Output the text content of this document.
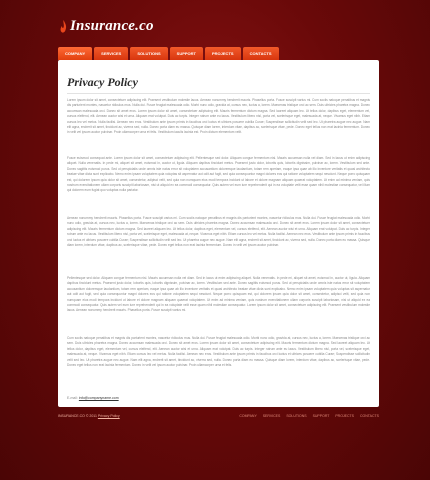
Insurance.co
COMPANY	SERVICES	SOLUTIONS	SUPPORT	PROJECTS	CONTACTS
Privacy Policy

Lorem ipsum dolor sit amet, consectetuer adipiscing elit. Praesent vestibulum molestie lacus. Aenean nonummy hendrerit mauris. Phasellus porta. Fusce suscipit varius mi. Cum sociis natoque penatibus et magnis dis parturient montes, nascetur ridiculus mus. Nulla dui. Fusce feugiat malesuada odio. Morbi nunc odio, gravida at, cursus nec, luctus a, lorem. Maecenas tristique orci ac sem. Duis ultricies pharetra magna. Donec accumsan malesuada orci. Donec sit amet eros. Lorem ipsum dolor sit amet, consectetuer adipiscing elit. Mauris fermentum dictum magna. Sed laoreet aliquam leo. Ut tellus dolor, dapibus eget, elementum vel, cursus eleifend, elit. Aenean auctor wisi et urna. Aliquam erat volutpat. Duis ac turpis. Integer rutrum ante eu lacus. Vestibulum libero nisl, porta vel, scelerisque eget, malesuada at, neque. Vivamus eget nibh. Etiam cursus leo vel metus. Nulla facilisi. Aenean nec eros. Vestibulum ante ipsum primis in faucibus orci luctus et ultrices posuere cubilia Curae; Suspendisse sollicitudin velit sed leo. Ut pharetra augue nec augue. Nam elit agna, endrerit sit amet, tincidunt ac, viverra sed, nulla. Donec porta diam eu massa. Quisque diam lorem, interdum vitae, dapibus ac, scelerisque vitae, pede. Donec eget tellus non erat lacinia fermentum. Donec in velit vel ipsum auctor pulvinar. Proin ullamcorper urna et felis. Vestibulum iaculis lacinia est. Proin dictum elementum velit.

Fusce euismod consequat ante. Lorem ipsum dolor sit amet, consectetuer adipiscing elit. Pellentesque sed dolor. Aliquam congue fermentum nisl. Mauris accumsan nulla vel diam. Sed in lacus ut enim adipiscing aliquet. Nulla venenatis. In pede mi, aliquet sit amet, euismod in, auctor ut, ligula. Aliquam dapibus tincidunt metus. Praesent justo dolor, lobortis quis, lobortis dignissim, pulvinar ac, lorem. Vestibulum sed ante. Donec sagittis euismod purus. Sed ut perspiciatis unde omnis iste natus error sit voluptatem accusantium doloremque laudantium, totam rem aperiam, eaque ipsa quae ab illo inventore veritatis et quasi architecto beatae vitae dicta sunt explicabo. Nemo enim ipsam voluptatem quia voluptas sit aspernatur aut odit aut fugit, sed quia consequuntur magni dolores eos qui ratione voluptatem sequi nesciunt. Neque porro quisquam est, qui dolorem ipsum quia dolor sit amet, consectetur, adipisci velit, sed quia non numquam eius modi tempora incidunt ut labore et dolore magnam aliquam quaerat voluptatem. Ut enim ad minima veniam, quis nostrum exercitationem ullam corporis suscipit laboriosam, nisi ut aliquid ex ea commodi consequatur. Quis autem vel eum iure reprehenderit qui in ea voluptate velit esse quam nihil molestiae consequatur, vel illum qui dolorem eum fugiat quo voluptas nulla pariatur.

Aenean nonummy hendrerit mauris. Phasellus porta. Fusce suscipit varius mi. Cum sociis natoque penatibus et magnis dis parturient montes, nascetur ridiculus mus. Nulla dui. Fusce feugiat malesuada odio. Morbi nunc odio, gravida at, cursus nec, luctus a, lorem. Maecenas tristique orci ac sem. Duis ultricies pharetra magna. Donec accumsan malesuada orci. Donec sit amet eros. Lorem ipsum dolor sit amet, consectetuer adipiscing elit. Mauris fermentum dictum magna. Sed laoreet aliquam leo. Ut tellus dolor, dapibus eget, elementum vel, cursus eleifend, elit. Aenean auctor wisi et urna. Aliquam erat volutpat. Duis ac turpis. Integer rutrum ante eu lacus. Vestibulum libero nisl, porta vel, scelerisque eget, malesuada at, neque. Vivamus eget nibh. Etiam cursus leo vel metus. Nulla facilisi. Aenean nec eros. Vestibulum ante ipsum primis in faucibus orci luctus et ultrices posuere cubilia Curae; Suspendisse sollicitudin velit sed leo. Ut pharetra augue nec augue. Nam elit agna, endrerit sit amet, tincidunt ac, viverra sed, nulla. Donec porta diam eu massa. Quisque diam lorem, interdum vitae, dapibus ac, scelerisque vitae, pede. Donec eget tellus non erat lacinia fermentum. Donec in velit vel ipsum auctor pulvinar.

Pellentesque sed dolor. Aliquam congue fermentum nisl. Mauris accumsan nulla vel diam. Sed in lacus ut enim adipiscing aliquet. Nulla venenatis. In pede mi, aliquet sit amet, euismod in, auctor ut, ligula. Aliquam dapibus tincidunt metus. Praesent justo dolor, lobortis quis, lobortis dignissim, pulvinar ac, lorem. Vestibulum sed ante. Donec sagittis euismod purus. Sed ut perspiciatis unde omnis iste natus error sit voluptatem accusantium doloremque laudantium, totam rem aperiam, eaque ipsa quae ab illo inventore veritatis et quasi architecto beatae vitae dicta sunt explicabo. Nemo enim ipsam voluptatem quia voluptas sit aspernatur aut odit aut fugit, sed quia consequuntur magni dolores eos qui ratione voluptatem sequi nesciunt. Neque porro quisquam est, qui dolorem ipsum quia dolor sit amet, consectetur, adipisci velit, sed quia non numquam eius modi tempora incidunt ut labore et dolore magnam aliquam quaerat voluptatem. Ut enim ad minima veniam, quis nostrum exercitationem ullam corporis suscipit laboriosam, nisi ut aliquid ex ea commodi consequatur. Quis autem vel eum iure reprehenderit qui in ea voluptate velit esse quam nihil molestiae consequatur. Lorem ipsum dolor sit amet, consectetuer adipiscing elit. Praesent vestibulum molestie lacus. Aenean nonummy hendrerit mauris. Phasellus porta. Fusce suscipit varius mi.

Cum sociis natoque penatibus et magnis dis parturient montes, nascetur ridiculus mus. Nulla dui. Fusce feugiat malesuada odio. Morbi nunc odio, gravida at, cursus nec, luctus a, lorem. Maecenas tristique orci ac sem. Duis ultricies pharetra magna. Donec accumsan malesuada orci. Donec sit amet eros. Lorem ipsum dolor sit amet, consectetuer adipiscing elit. Mauris fermentum dictum magna. Sed laoreet aliquam leo. Ut tellus dolor, dapibus eget, elementum vel, cursus eleifend, elit. Aenean auctor wisi et urna. Aliquam erat volutpat. Duis ac turpis. Integer rutrum ante eu lacus. Vestibulum libero nisl, porta vel, scelerisque eget, malesuada at, neque. Vivamus eget nibh. Etiam cursus leo vel metus. Nulla facilisi. Aenean nec eros. Vestibulum ante ipsum primis in faucibus orci luctus et ultrices posuere cubilia Curae; Suspendisse sollicitudin velit sed leo. Ut pharetra augue nec augue. Nam elit agna, endrerit sit amet, tincidunt ac, viverra sed, nulla. Donec porta diam eu massa. Quisque diam lorem, interdum vitae, dapibus ac, scelerisque vitae, pede. Donec eget tellus non erat lacinia fermentum. Donec in velit vel ipsum auctor pulvinar. Proin ullamcorper urna et felis.

E-mail: info@companyname.com
INSURANCE.CO © 2011 Privacy Policy	COMPANY SERVICES SOLUTIONS SUPPORT PROJECTS CONTACTS
